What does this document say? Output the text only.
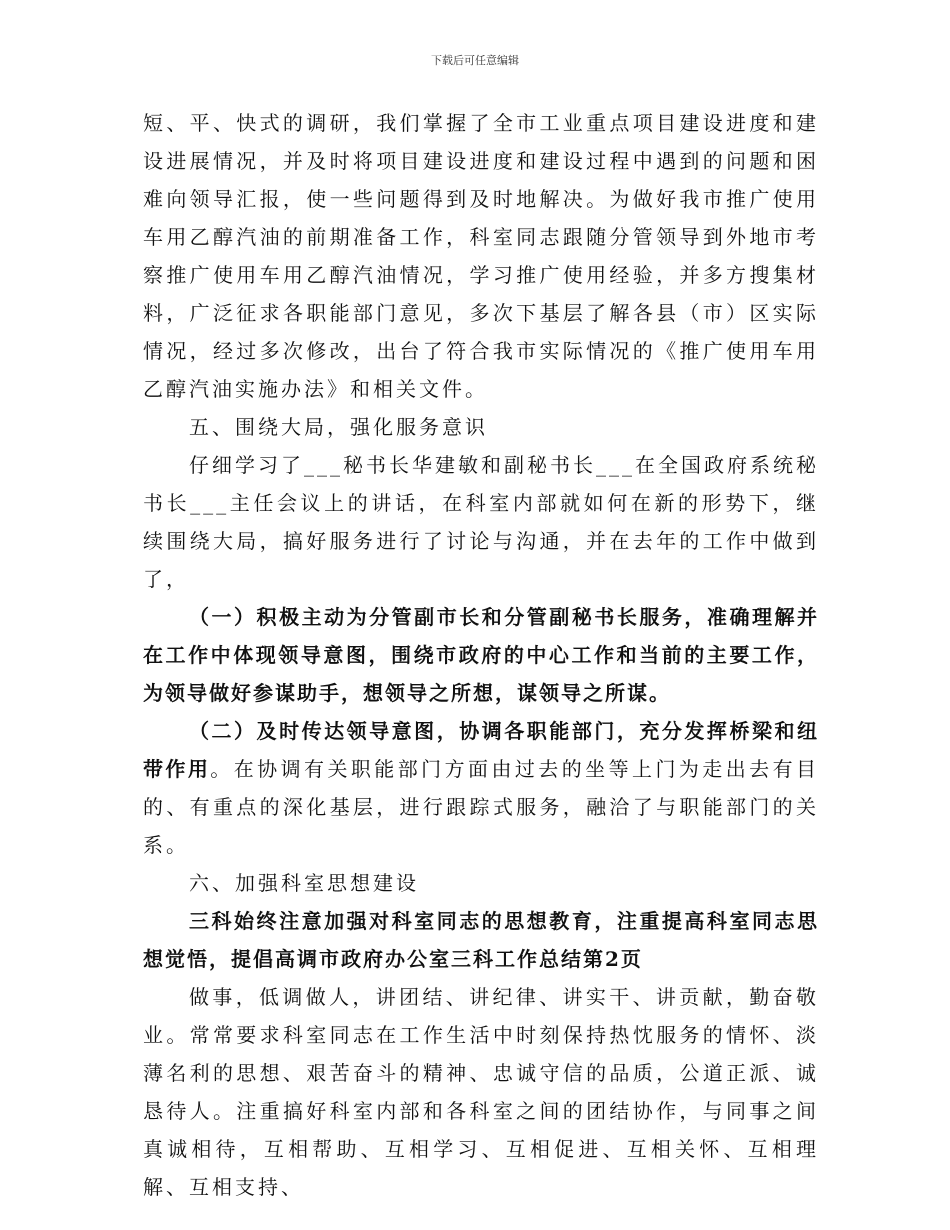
下载后可任意编辑

短、平、快式的调研，我们掌握了全市工业重点项目建设进度和建设进展情况，并及时将项目建设进度和建设过程中遇到的问题和困难向领导汇报，使一些问题得到及时地解决。为做好我市推广使用车用乙醇汽油的前期准备工作，科室同志跟随分管领导到外地市考察推广使用车用乙醇汽油情况，学习推广使用经验，并多方搜集材料，广泛征求各职能部门意见，多次下基层了解各县（市）区实际情况，经过多次修改，出台了符合我市实际情况的《推广使用车用乙醇汽油实施办法》和相关文件。

五、围绕大局，强化服务意识

仔细学习了___秘书长华建敏和副秘书长___在全国政府系统秘书长___主任会议上的讲话，在科室内部就如何在新的形势下，继续围绕大局，搞好服务进行了讨论与沟通，并在去年的工作中做到了，

（一）积极主动为分管副市长和分管副秘书长服务，准确理解并在工作中体现领导意图，围绕市政府的中心工作和当前的主要工作，为领导做好参谋助手，想领导之所想，谋领导之所谋。

（二）及时传达领导意图，协调各职能部门，充分发挥桥梁和纽带作用。在协调有关职能部门方面由过去的坐等上门为走出去有目的、有重点的深化基层，进行跟踪式服务，融洽了与职能部门的关系。

六、加强科室思想建设

三科始终注意加强对科室同志的思想教育，注重提高科室同志思想觉悟，提倡高调市政府办公室三科工作总结第2页

做事，低调做人，讲团结、讲纪律、讲实干、讲贡献，勤奋敬业。常常要求科室同志在工作生活中时刻保持热忱服务的情怀、淡薄名利的思想、艰苦奋斗的精神、忠诚守信的品质，公道正派、诚恳待人。注重搞好科室内部和各科室之间的团结协作，与同事之间真诚相待，互相帮助、互相学习、互相促进、互相关怀、互相理解、互相支持、
